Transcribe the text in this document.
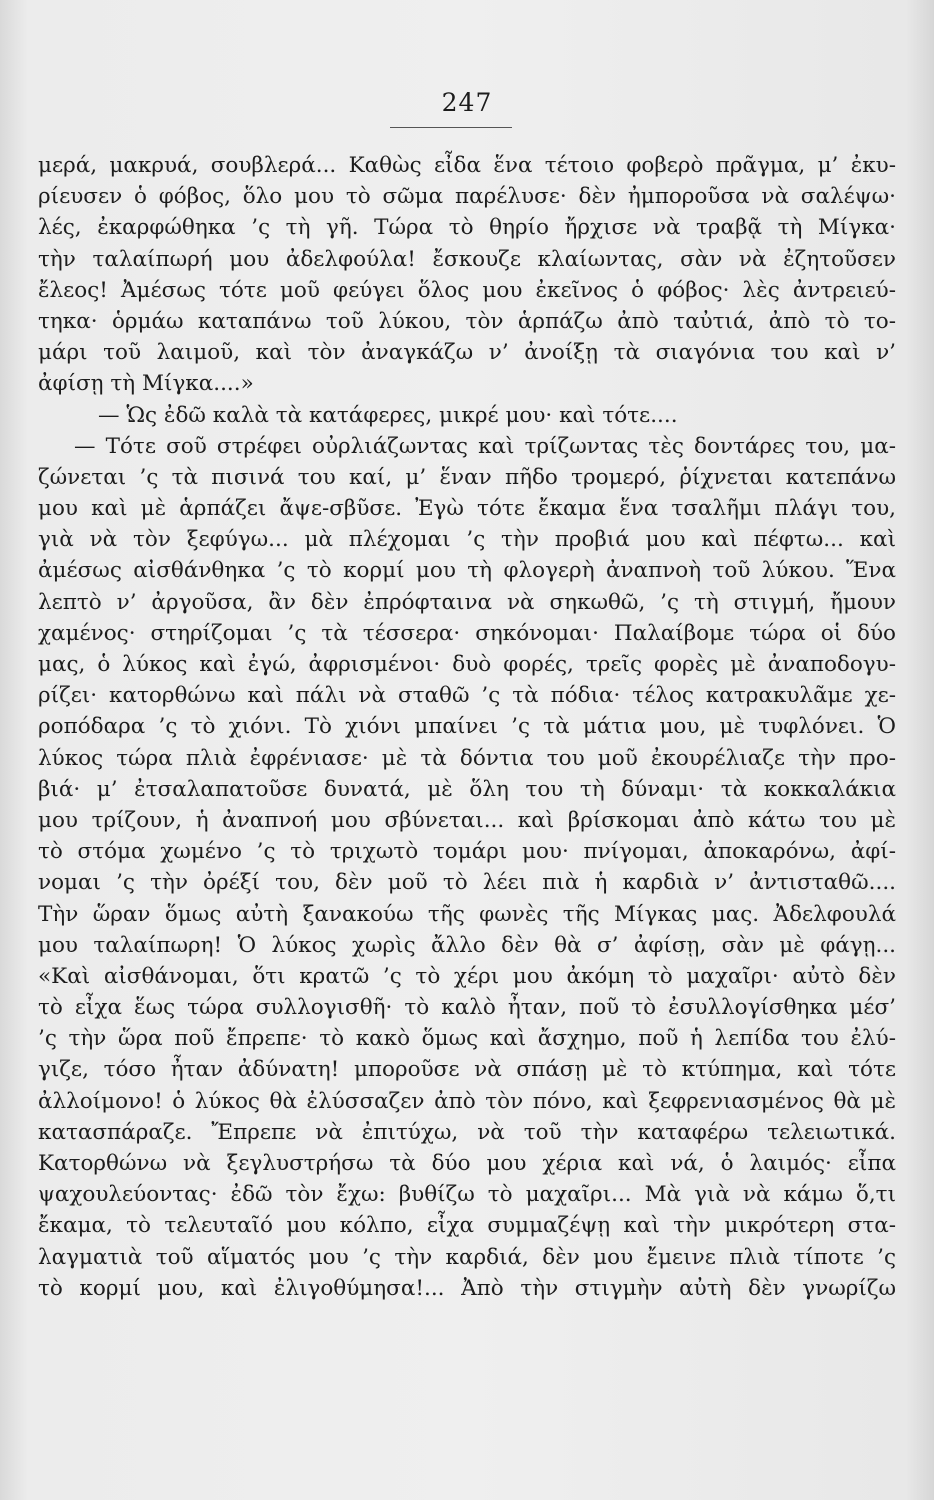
247
μερά, μακρυά, σουβλερά... Καθὼς εἶδα ἕνα τέτοιο φοβερὸ πρᾶγμα, μ’ ἐκυ-
ρίευσεν ὁ φόβος, ὅλο μου τὸ σῶμα παρέλυσε· δὲν ἠμποροῦσα νὰ σαλέψω·
λές, ἐκαρφώθηκα ’ς τὴ γῆ. Τώρα τὸ θηρίο ἤρχισε νὰ τραβᾷ τὴ Μίγκα·
τὴν ταλαίπωρή μου ἀδελφούλα! ἔσκουζε κλαίωντας, σὰν νὰ ἐζητοῦσεν
ἔλεος! Ἀμέσως τότε μοῦ φεύγει ὅλος μου ἐκεῖνος ὁ φόβος· λὲς ἀντρειεύ-
τηκα· ὁρμάω καταπάνω τοῦ λύκου, τὸν ἁρπάζω ἀπὸ ταὐτιά, ἀπὸ τὸ το-
μάρι τοῦ λαιμοῦ, καὶ τὸν ἀναγκάζω ν’ ἀνοίξῃ τὰ σιαγόνια του καὶ ν’
ἀφίσῃ τὴ Μίγκα....»
— Ὡς ἐδῶ καλὰ τὰ κατάφερες, μικρέ μου· καὶ τότε....
— Τότε σοῦ στρέφει οὐρλιάζωντας καὶ τρίζωντας τὲς δοντάρες του, μα-
ζώνεται ’ς τὰ πισινά του καί, μ’ ἕναν πῆδο τρομερό, ῥίχνεται κατεπάνω
μου καὶ μὲ ἁρπάζει ἄψε-σβῦσε. Ἐγὼ τότε ἔκαμα ἕνα τσαλῆμι πλάγι του,
γιὰ νὰ τὸν ξεφύγω... μὰ πλέχομαι ’ς τὴν προβιά μου καὶ πέφτω... καὶ
ἀμέσως αἰσθάνθηκα ’ς τὸ κορμί μου τὴ φλογερὴ ἀναπνοὴ τοῦ λύκου. Ἕνα
λεπτὸ ν’ ἀργοῦσα, ἂν δὲν ἐπρόφταινα νὰ σηκωθῶ, ’ς τὴ στιγμή, ἤμουν
χαμένος· στηρίζομαι ’ς τὰ τέσσερα· σηκόνομαι· Παλαίβομε τώρα οἱ δύο
μας, ὁ λύκος καὶ ἐγώ, ἀφρισμένοι· δυὸ φορές, τρεῖς φορὲς μὲ ἀναποδογυ-
ρίζει· κατορθώνω καὶ πάλι νὰ σταθῶ ’ς τὰ πόδια· τέλος κατρακυλᾶμε χε-
ροπόδαρα ’ς τὸ χιόνι. Τὸ χιόνι μπαίνει ’ς τὰ μάτια μου, μὲ τυφλόνει. Ὁ
λύκος τώρα πλιὰ ἐφρένιασε· μὲ τὰ δόντια του μοῦ ἐκουρέλιαζε τὴν προ-
βιά· μ’ ἐτσαλαπατοῦσε δυνατά, μὲ ὅλη του τὴ δύναμι· τὰ κοκκαλάκια
μου τρίζουν, ἡ ἀναπνοή μου σβύνεται... καὶ βρίσκομαι ἀπὸ κάτω του μὲ
τὸ στόμα χωμένο ’ς τὸ τριχωτὸ τομάρι μου· πνίγομαι, ἀποκαρόνω, ἀφί-
νομαι ’ς τὴν ὀρέξί του, δὲν μοῦ τὸ λέει πιὰ ἡ καρδιὰ ν’ ἀντισταθῶ....
Τὴν ὥραν ὅμως αὐτὴ ξανακούω τῆς φωνὲς τῆς Μίγκας μας. Ἀδελφουλά
μου ταλαίπωρη! Ὁ λύκος χωρὶς ἄλλο δὲν θὰ σ’ ἀφίσῃ, σὰν μὲ φάγῃ...
«Καὶ αἰσθάνομαι, ὅτι κρατῶ ’ς τὸ χέρι μου ἀκόμη τὸ μαχαῖρι· αὐτὸ δὲν
τὸ εἶχα ἕως τώρα συλλογισθῆ· τὸ καλὸ ἦταν, ποῦ τὸ ἐσυλλογίσθηκα μέσ’
’ς τὴν ὥρα ποῦ ἔπρεπε· τὸ κακὸ ὅμως καὶ ἄσχημο, ποῦ ἡ λεπίδα του ἐλύ-
γιζε, τόσο ἦταν ἀδύνατη! μποροῦσε νὰ σπάσῃ μὲ τὸ κτύπημα, καὶ τότε
ἀλλοίμονο! ὁ λύκος θὰ ἐλύσσαζεν ἀπὸ τὸν πόνο, καὶ ξεφρενιασμένος θὰ μὲ
κατασπάραζε. Ἔπρεπε νὰ ἐπιτύχω, νὰ τοῦ τὴν καταφέρω τελειωτικά.
Κατορθώνω νὰ ξεγλυστρήσω τὰ δύο μου χέρια καὶ νά, ὁ λαιμός· εἶπα
ψαχουλεύοντας· ἐδῶ τὸν ἔχω: βυθίζω τὸ μαχαῖρι... Μὰ γιὰ νὰ κάμω ὅ,τι
ἔκαμα, τὸ τελευταῖό μου κόλπο, εἶχα συμμαζέψῃ καὶ τὴν μικρότερη στα-
λαγματιὰ τοῦ αἵματός μου ’ς τὴν καρδιά, δὲν μου ἔμεινε πλιὰ τίποτε ’ς
τὸ κορμί μου, καὶ ἐλιγοθύμησα!... Ἀπὸ τὴν στιγμὴν αὐτὴ δὲν γνωρίζω
